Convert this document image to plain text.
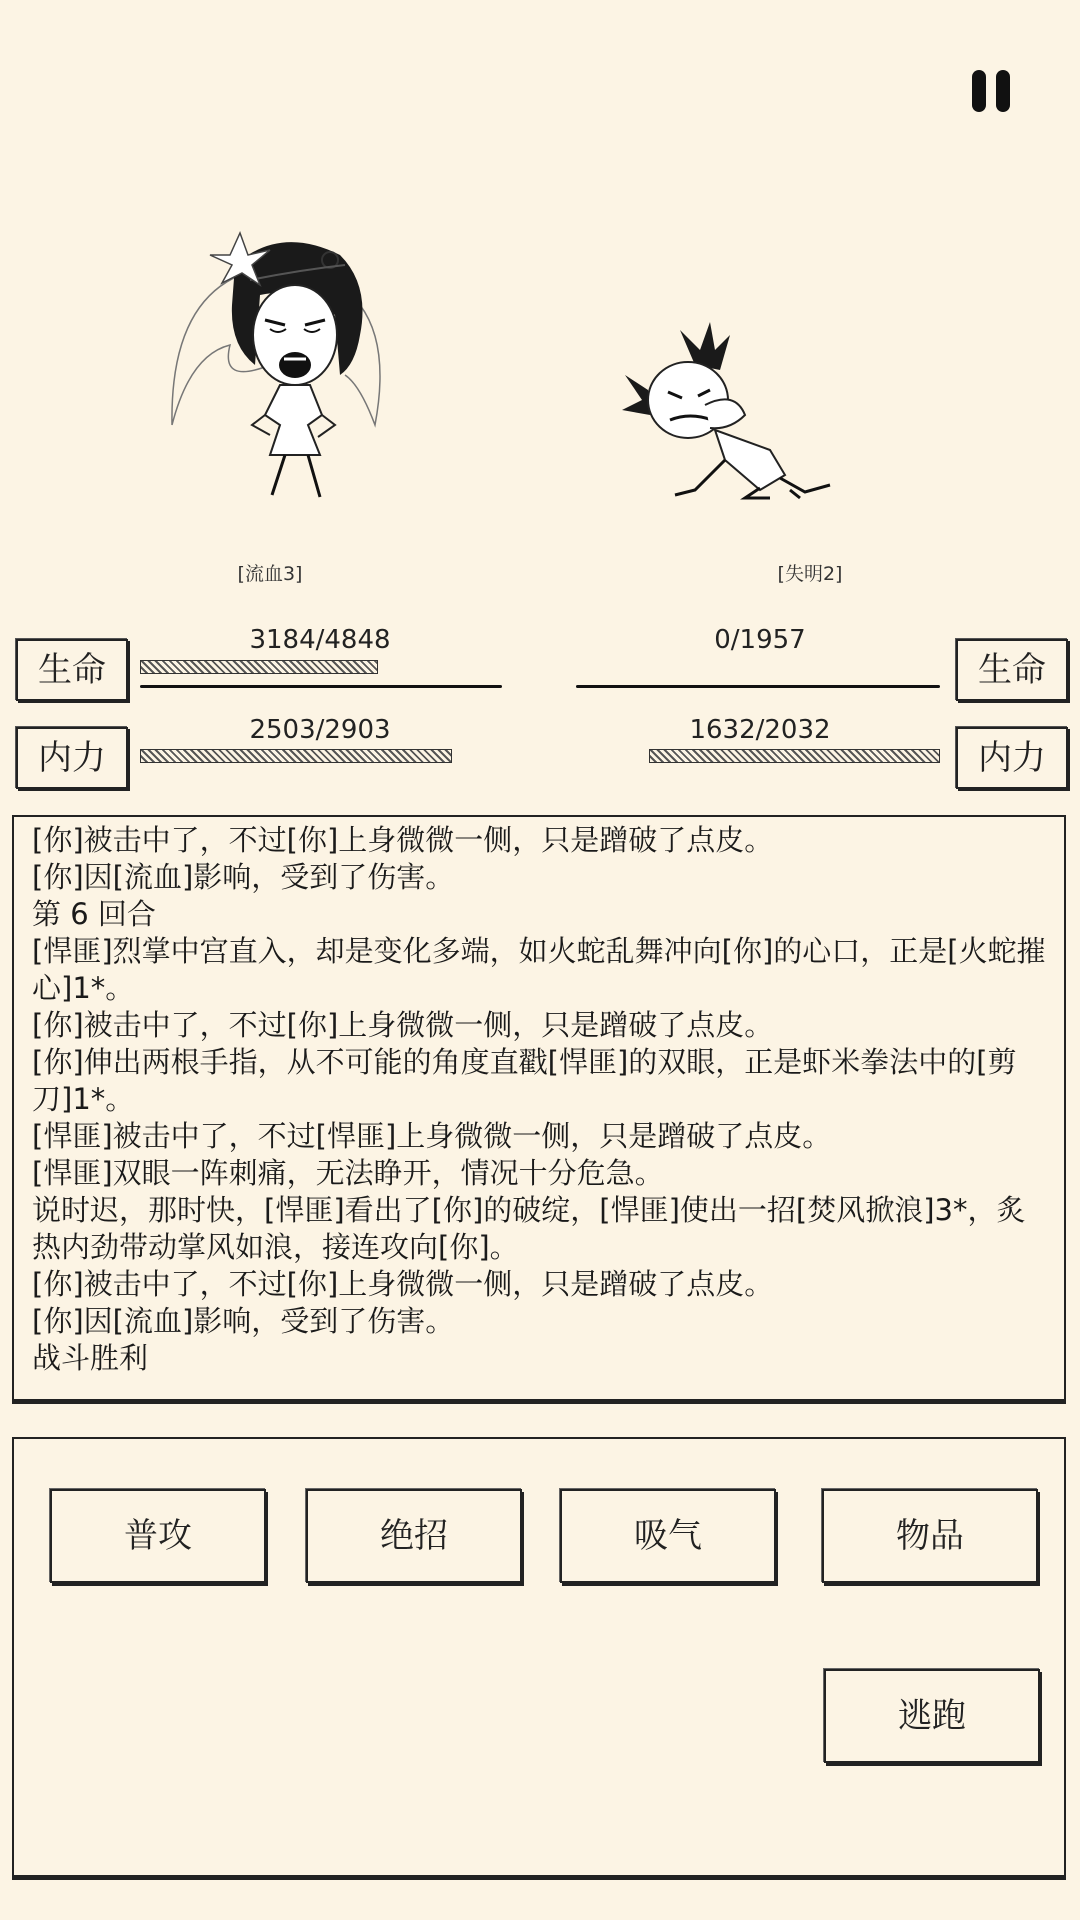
[流血3]	[失明2]
生命
3184/4848
内力
2503/2903
生命
0/1957
内力
1632/2032
[你]被击中了，不过[你]上身微微一侧，只是蹭破了点皮。
[你]因[流血]影响，受到了伤害。
第 6 回合
[悍匪]烈掌中宫直入，却是变化多端，如火蛇乱舞冲向[你]的心口，正是[火蛇摧心]1*。
[你]被击中了，不过[你]上身微微一侧，只是蹭破了点皮。
[你]伸出两根手指，从不可能的角度直戳[悍匪]的双眼，正是虾米拳法中的[剪刀]1*。
[悍匪]被击中了，不过[悍匪]上身微微一侧，只是蹭破了点皮。
[悍匪]双眼一阵刺痛，无法睁开，情况十分危急。
说时迟，那时快，[悍匪]看出了[你]的破绽，[悍匪]使出一招[焚风掀浪]3*，炙热内劲带动掌风如浪，接连攻向[你]。
[你]被击中了，不过[你]上身微微一侧，只是蹭破了点皮。
[你]因[流血]影响，受到了伤害。
战斗胜利
普攻	绝招	吸气	物品
逃跑
